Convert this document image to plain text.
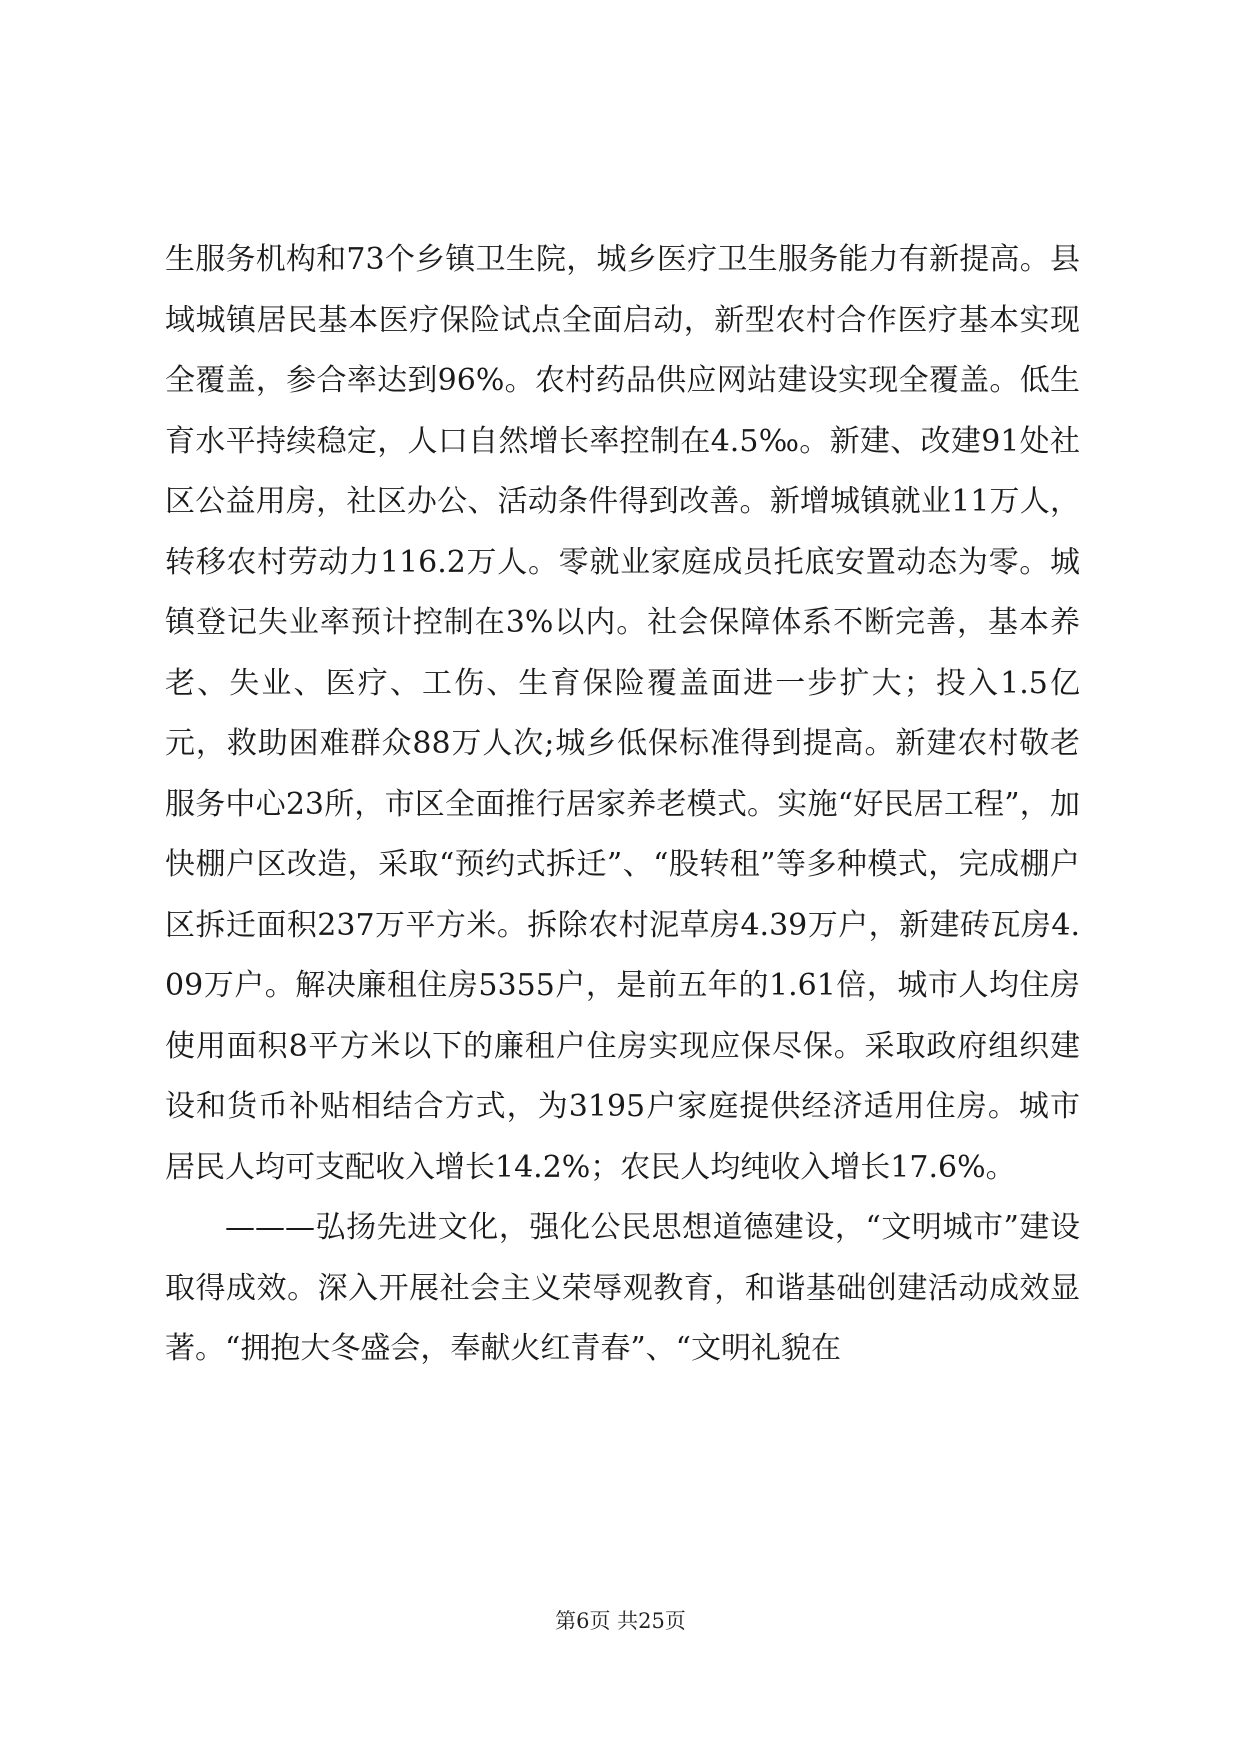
生服务机构和73个乡镇卫生院，城乡医疗卫生服务能力有新提高。县域城镇居民基本医疗保险试点全面启动，新型农村合作医疗基本实现全覆盖，参合率达到96%。农村药品供应网站建设实现全覆盖。低生育水平持续稳定，人口自然增长率控制在4.5‰。新建、改建91处社区公益用房，社区办公、活动条件得到改善。新增城镇就业11万人，转移农村劳动力116.2万人。零就业家庭成员托底安置动态为零。城镇登记失业率预计控制在3%以内。社会保障体系不断完善，基本养老、失业、医疗、工伤、生育保险覆盖面进一步扩大；投入1.5亿元，救助困难群众88万人次;城乡低保标准得到提高。新建农村敬老服务中心23所，市区全面推行居家养老模式。实施“好民居工程”，加快棚户区改造，采取“预约式拆迁”、“股转租”等多种模式，完成棚户区拆迁面积237万平方米。拆除农村泥草房4.39万户，新建砖瓦房4.09万户。解决廉租住房5355户，是前五年的1.61倍，城市人均住房使用面积8平方米以下的廉租户住房实现应保尽保。采取政府组织建设和货币补贴相结合方式，为3195户家庭提供经济适用住房。城市居民人均可支配收入增长14.2%；农民人均纯收入增长17.6%。

———弘扬先进文化，强化公民思想道德建设，“文明城市”建设取得成效。深入开展社会主义荣辱观教育，和谐基础创建活动成效显著。“拥抱大冬盛会，奉献火红青春”、“文明礼貌在

第6页 共25页
